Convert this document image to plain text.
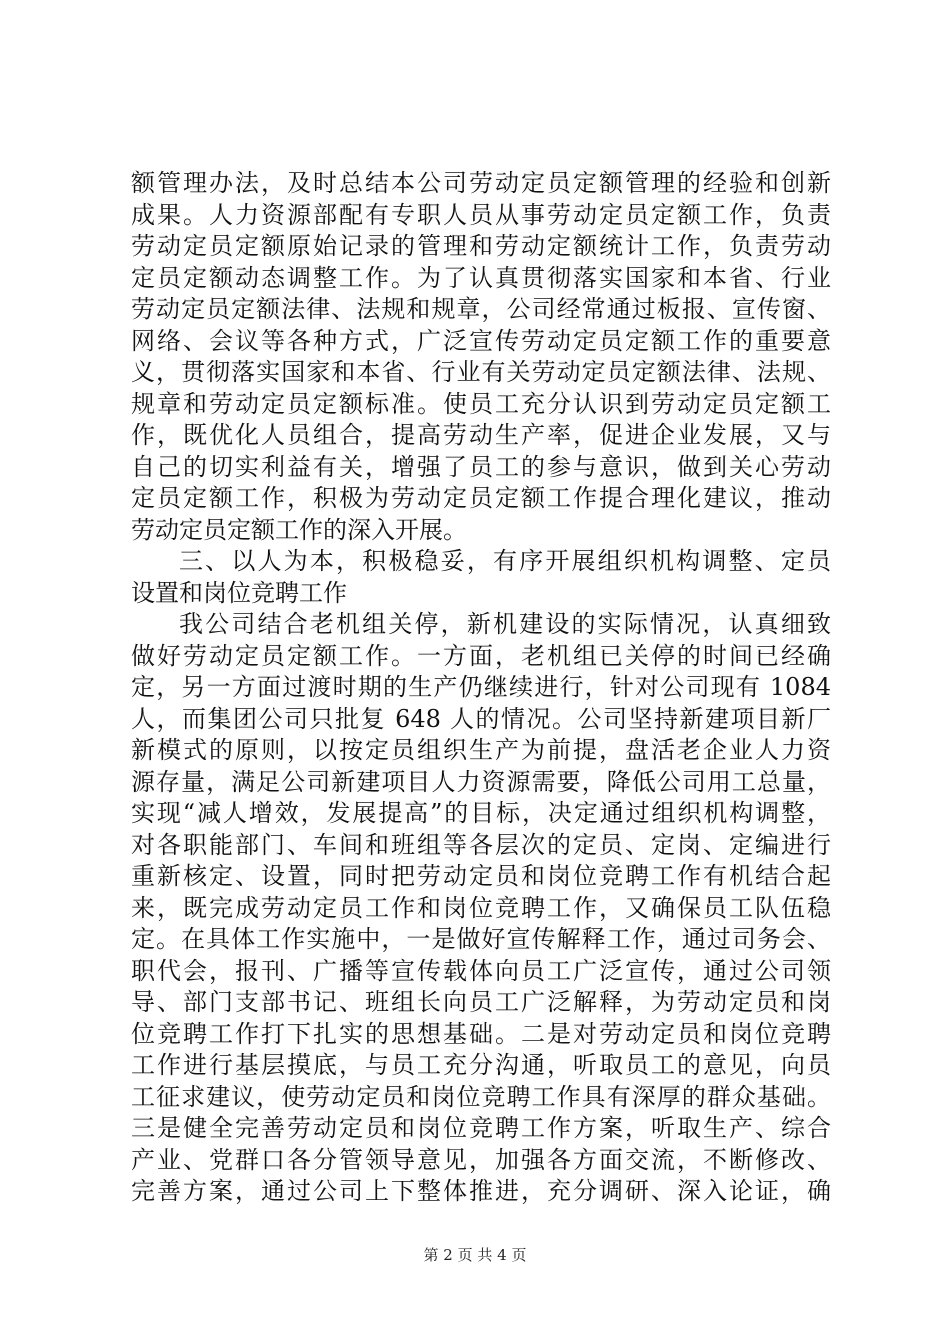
额管理办法，及时总结本公司劳动定员定额管理的经验和创新
成果。人力资源部配有专职人员从事劳动定员定额工作，负责
劳动定员定额原始记录的管理和劳动定额统计工作，负责劳动
定员定额动态调整工作。为了认真贯彻落实国家和本省、行业
劳动定员定额法律、法规和规章，公司经常通过板报、宣传窗、
网络、会议等各种方式，广泛宣传劳动定员定额工作的重要意
义，贯彻落实国家和本省、行业有关劳动定员定额法律、法规、
规章和劳动定员定额标准。使员工充分认识到劳动定员定额工
作，既优化人员组合，提高劳动生产率，促进企业发展，又与
自己的切实利益有关，增强了员工的参与意识，做到关心劳动
定员定额工作，积极为劳动定员定额工作提合理化建议，推动
劳动定员定额工作的深入开展。
三、以人为本，积极稳妥，有序开展组织机构调整、定员
设置和岗位竞聘工作
我公司结合老机组关停，新机建设的实际情况，认真细致
做好劳动定员定额工作。一方面，老机组已关停的时间已经确
定，另一方面过渡时期的生产仍继续进行，针对公司现有 1084
人，而集团公司只批复 648 人的情况。公司坚持新建项目新厂
新模式的原则，以按定员组织生产为前提，盘活老企业人力资
源存量，满足公司新建项目人力资源需要，降低公司用工总量，
实现“减人增效，发展提高”的目标，决定通过组织机构调整，
对各职能部门、车间和班组等各层次的定员、定岗、定编进行
重新核定、设置，同时把劳动定员和岗位竞聘工作有机结合起
来，既完成劳动定员工作和岗位竞聘工作，又确保员工队伍稳
定。在具体工作实施中，一是做好宣传解释工作，通过司务会、
职代会，报刊、广播等宣传载体向员工广泛宣传，通过公司领
导、部门支部书记、班组长向员工广泛解释，为劳动定员和岗
位竞聘工作打下扎实的思想基础。二是对劳动定员和岗位竞聘
工作进行基层摸底，与员工充分沟通，听取员工的意见，向员
工征求建议，使劳动定员和岗位竞聘工作具有深厚的群众基础。
三是健全完善劳动定员和岗位竞聘工作方案，听取生产、综合
产业、党群口各分管领导意见，加强各方面交流，不断修改、
完善方案，通过公司上下整体推进，充分调研、深入论证，确
第 2 页 共 4 页
